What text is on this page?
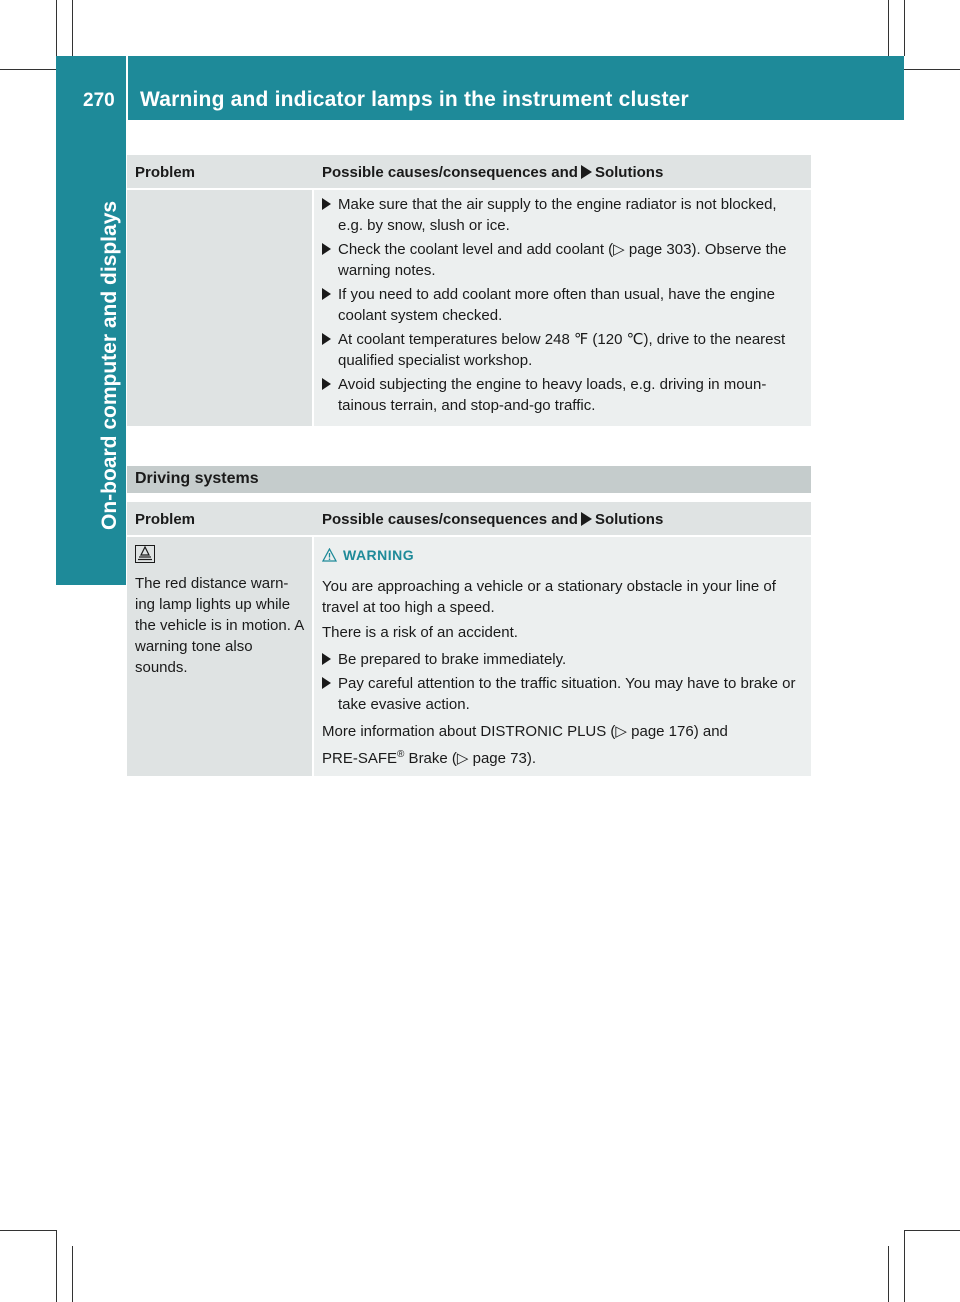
270 Warning and indicator lamps in the instrument cluster
On-board computer and displays
Problem	Possible causes/consequences and Solutions
Make sure that the air supply to the engine radiator is not blocked, e.g. by snow, slush or ice.
Check the coolant level and add coolant (▷ page 303). Observe the warning notes.
If you need to add coolant more often than usual, have the engine coolant system checked.
At coolant temperatures below 248 ℉ (120 ℃), drive to the nearest qualified specialist workshop.
Avoid subjecting the engine to heavy loads, e.g. driving in moun- tainous terrain, and stop-and-go traffic.
Driving systems
Problem	Possible causes/consequences and Solutions
The red distance warn- ing lamp lights up while the vehicle is in motion. A warning tone also sounds.
WARNING

You are approaching a vehicle or a stationary obstacle in your line of travel at too high a speed.

There is a risk of an accident.

Be prepared to brake immediately.
Pay careful attention to the traffic situation. You may have to brake or take evasive action.

More information about DISTRONIC PLUS (▷ page 176) and

PRE-SAFE® Brake (▷ page 73).
